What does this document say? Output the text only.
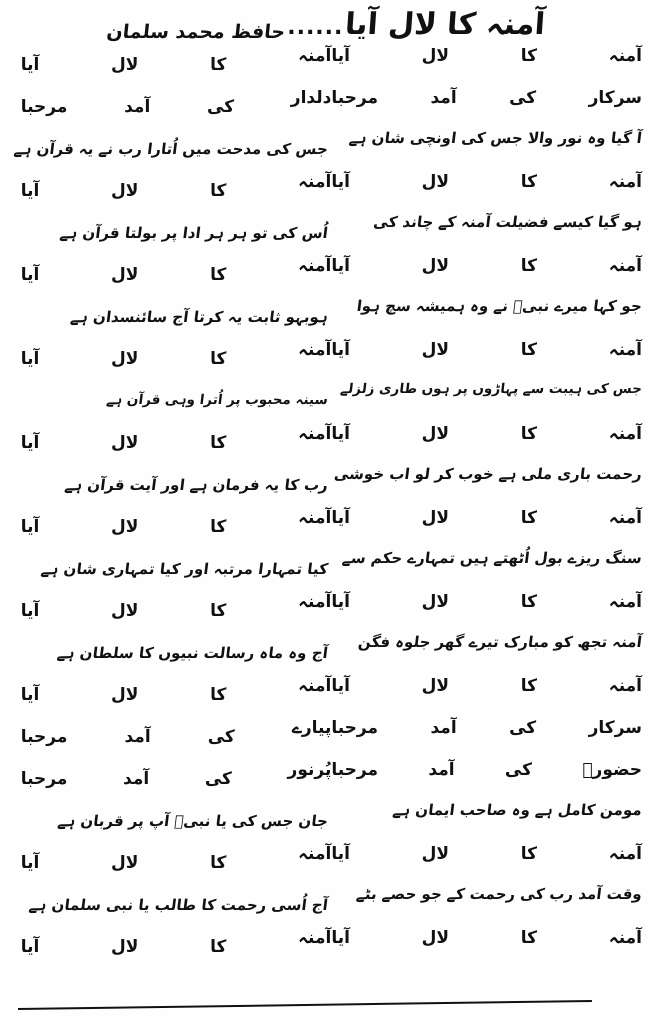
آمنہ کا لال آیا......حافظ محمد سلمان
آمنہ
کا
لال
آیا
آمنہ
کا
لال
آیا
سرکار
کی
آمد
مرحبا
دلدار
کی
آمد
مرحبا
آ گیا وہ نور والا جس کی اونچی شان ہےجس کی مدحت میں اُتارا رب نے یہ قرآن ہے
آمنہ
کا
لال
آیا
آمنہ
کا
لال
آیا
ہو گیا کیسے فضیلت آمنہ کے چاند کیاُس کی تو ہر ہر ادا پر بولتا قرآن ہے
آمنہ
کا
لال
آیا
آمنہ
کا
لال
آیا
جو کہا میرے نبیؐ نے وہ ہمیشہ سچ ہواہوبہو ثابت یہ کرتا آج سائنسدان ہے
آمنہ
کا
لال
آیا
آمنہ
کا
لال
آیا
جس کی ہیبت سے پہاڑوں پر ہوں طاری زلزلےسینہ محبوب پر اُترا وہی قرآن ہے
آمنہ
کا
لال
آیا
آمنہ
کا
لال
آیا
رحمت باری ملی ہے خوب کر لو اب خوشیرب کا یہ فرمان ہے اور آیت قرآن ہے
آمنہ
کا
لال
آیا
آمنہ
کا
لال
آیا
سنگ ریزے بول اُٹھتے ہیں تمہارے حکم سےکیا تمہارا مرتبہ اور کیا تمہاری شان ہے
آمنہ
کا
لال
آیا
آمنہ
کا
لال
آیا
آمنہ تجھ کو مبارک تیرے گھر جلوہ فگنآج وہ ماہ رسالت نبیوں کا سلطان ہے
آمنہ
کا
لال
آیا
آمنہ
کا
لال
آیا
سرکار
کی
آمد
مرحبا
پیارے
کی
آمد
مرحبا
حضورؐ
کی
آمد
مرحبا
پُرنور
کی
آمد
مرحبا
مومن کامل ہے وہ صاحب ایمان ہےجان جس کی یا نبیؐ آپ پر قربان ہے
آمنہ
کا
لال
آیا
آمنہ
کا
لال
آیا
وقت آمد رب کی رحمت کے جو حصے بٹےآج اُسی رحمت کا طالب یا نبی سلمان ہے
آمنہ
کا
لال
آیا
آمنہ
کا
لال
آیا
